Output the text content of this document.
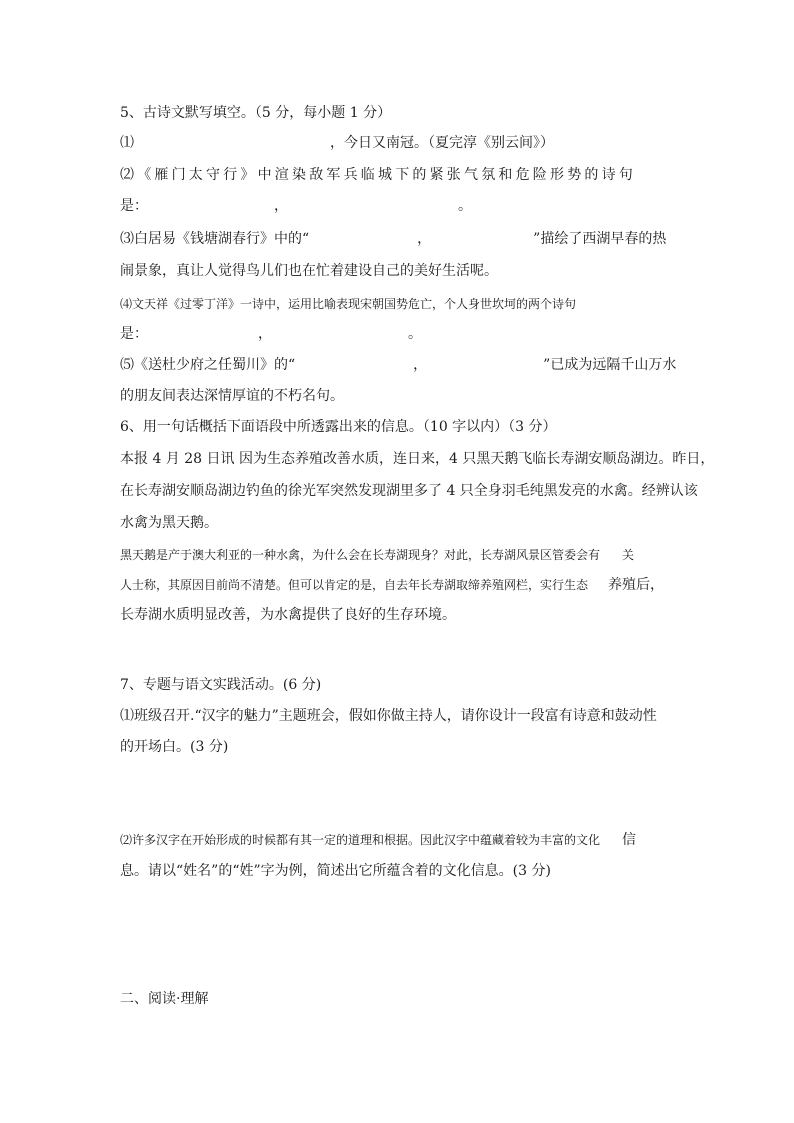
5、古诗文默写填空。（5 分，每小题 1 分）
⑴	，今日又南冠。（夏完淳《别云间》）
⑵《雁门太守行》中渲染敌军兵临城下的紧张气氛和危险形势的诗句
是：	，	。
⑶白居易《钱塘湖春行》中的“	，	”描绘了西湖早春的热
闹景象，真让人觉得鸟儿们也在忙着建设自己的美好生活呢。
⑷文天祥《过零丁洋》一诗中，运用比喻表现宋朝国势危亡，个人身世坎坷的两个诗句
是：	，	。
⑸《送杜少府之任蜀川》的“	，	”已成为远隔千山万水
的朋友间表达深情厚谊的不朽名句。
6、用一句话概括下面语段中所透露出来的信息。（10 字以内）（3 分）
本报 4 月 28 日讯 因为生态养殖改善水质，连日来，4 只黑天鹅飞临长寿湖安顺岛湖边。昨日，
在长寿湖安顺岛湖边钓鱼的徐光军突然发现湖里多了 4 只全身羽毛纯黑发亮的水禽。经辨认该
水禽为黑天鹅。
黑天鹅是产于澳大利亚的一种水禽，为什么会在长寿湖现身？对此，长寿湖风景区管委会有 关
人士称，其原因目前尚不清楚。但可以肯定的是，自去年长寿湖取缔养殖网栏，实行生态 养殖后，
长寿湖水质明显改善，为水禽提供了良好的生存环境。
7、专题与语文实践活动。(6 分)
⑴班级召开.“汉字的魅力”主题班会，假如你做主持人，请你设计一段富有诗意和鼓动性
的开场白。(3 分)
⑵许多汉字在开始形成的时候都有其一定的道理和根据。因此汉字中蕴藏着较为丰富的文化 信
息。请以“姓名”的“姓”字为例，简述出它所蕴含着的文化信息。(3 分)
二、阅读·理解
